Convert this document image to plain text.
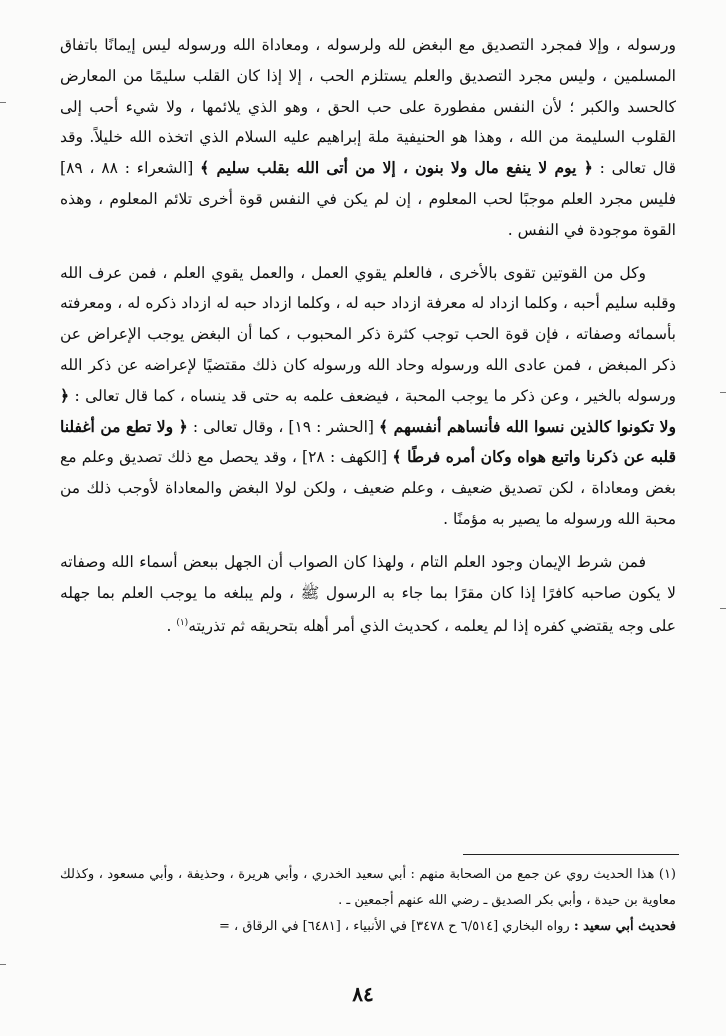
ورسوله ، وإلا فمجرد التصديق مع البغض لله ولرسوله ، ومعاداة الله ورسوله ليس إيمانًا باتفاق المسلمين ، وليس مجرد التصديق والعلم يستلزم الحب ، إلا إذا كان القلب سليمًا من المعارض كالحسد والكبر ؛ لأن النفس مفطورة على حب الحق ، وهو الذي يلائمها ، ولا شيء أحب إلى القلوب السليمة من الله ، وهذا هو الحنيفية ملة إبراهيم عليه السلام الذي اتخذه الله خليلاً. وقد قال تعالى : ﴿ يوم لا ينفع مال ولا بنون ، إلا من أتى الله بقلب سليم ﴾ [الشعراء : ٨٨ ، ٨٩] فليس مجرد العلم موجبًا لحب المعلوم ، إن لم يكن في النفس قوة أخرى تلائم المعلوم ، وهذه القوة موجودة في النفس .

وكل من القوتين تقوى بالأخرى ، فالعلم يقوي العمل ، والعمل يقوي العلم ، فمن عرف الله وقلبه سليم أحبه ، وكلما ازداد له معرفة ازداد حبه له ، وكلما ازداد حبه له ازداد ذكره له ، ومعرفته بأسمائه وصفاته ، فإن قوة الحب توجب كثرة ذكر المحبوب ، كما أن البغض يوجب الإعراض عن ذكر المبغض ، فمن عادى الله ورسوله وحاد الله ورسوله كان ذلك مقتضيًا لإعراضه عن ذكر الله ورسوله بالخير ، وعن ذكر ما يوجب المحبة ، فيضعف علمه به حتى قد ينساه ، كما قال تعالى : ﴿ ولا تكونوا كالذين نسوا الله فأنساهم أنفسهم ﴾ [الحشر : ١٩] ، وقال تعالى : ﴿ ولا تطع من أغفلنا قلبه عن ذكرنا واتبع هواه وكان أمره فرطًا ﴾ [الكهف : ٢٨] ، وقد يحصل مع ذلك تصديق وعلم مع بغض ومعاداة ، لكن تصديق ضعيف ، وعلم ضعيف ، ولكن لولا البغض والمعاداة لأوجب ذلك من محبة الله ورسوله ما يصير به مؤمنًا .

فمن شرط الإيمان وجود العلم التام ، ولهذا كان الصواب أن الجهل ببعض أسماء الله وصفاته لا يكون صاحبه كافرًا إذا كان مقرًا بما جاء به الرسول ﷺ ، ولم يبلغه ما يوجب العلم بما جهله على وجه يقتضي كفره إذا لم يعلمه ، كحديث الذي أمر أهله بتحريقه ثم تذريته$^{(١)}$ .

(١) هذا الحديث روي عن جمع من الصحابة منهم : أبي سعيد الخدري ، وأبي هريرة ، وحذيفة ، وأبي مسعود ، وكذلك معاوية بن حيدة ، وأبي بكر الصديق ـ رضي الله عنهم أجمعين ـ .

فحديث أبي سعيد : رواه البخاري [٦/٥١٤ ح ٣٤٧٨] في الأنبياء ، [٦٤٨١] في الرقاق ، =

٨٤
